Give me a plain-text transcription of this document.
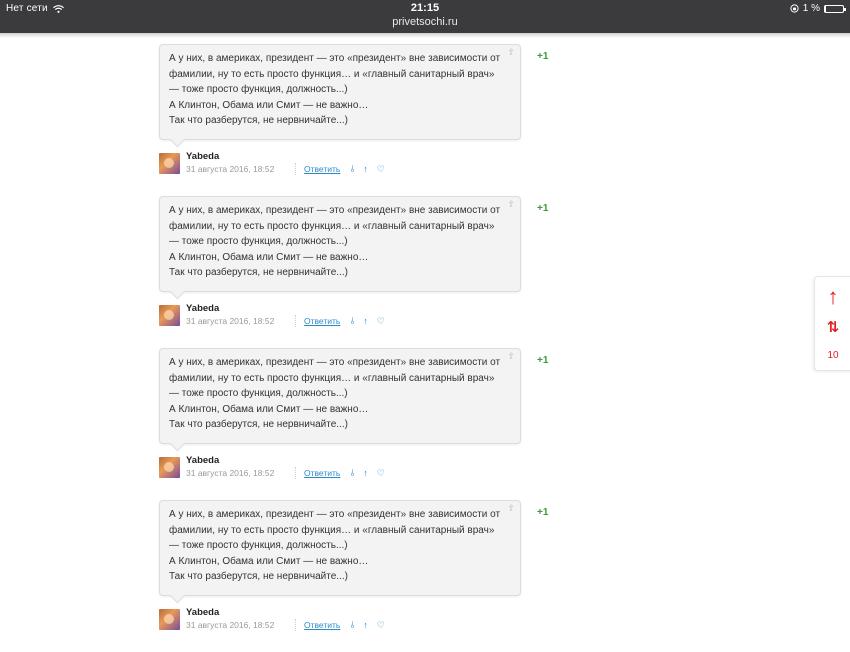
Нет сети	21:15
privetsochi.ru
1 %
А у них, в америках, президент — это «президент» вне зависимости от
фамилии, ну то есть просто функция… и «главный санитарный врач»
— тоже просто функция, должность...)
А Клинтон, Обама или Смит — не важно…
Так что разберутся, не нервничайте...)
⇧ +1
Yabeda
31 августа 2016, 18:52	Ответить ⫰ ↑ ♡
А у них, в америках, президент — это «президент» вне зависимости от
фамилии, ну то есть просто функция… и «главный санитарный врач»
— тоже просто функция, должность...)
А Клинтон, Обама или Смит — не важно…
Так что разберутся, не нервничайте...)
⇧ +1
Yabeda
31 августа 2016, 18:52	Ответить ⫰ ↑ ♡
А у них, в америках, президент — это «президент» вне зависимости от
фамилии, ну то есть просто функция… и «главный санитарный врач»
— тоже просто функция, должность...)
А Клинтон, Обама или Смит — не важно…
Так что разберутся, не нервничайте...)
⇧ +1
Yabeda
31 августа 2016, 18:52	Ответить ⫰ ↑ ♡
А у них, в америках, президент — это «президент» вне зависимости от
фамилии, ну то есть просто функция… и «главный санитарный врач»
— тоже просто функция, должность...)
А Клинтон, Обама или Смит — не важно…
Так что разберутся, не нервничайте...)
⇧ +1
Yabeda
31 августа 2016, 18:52	Ответить ⫰ ↑ ♡
↑
⇅
10
